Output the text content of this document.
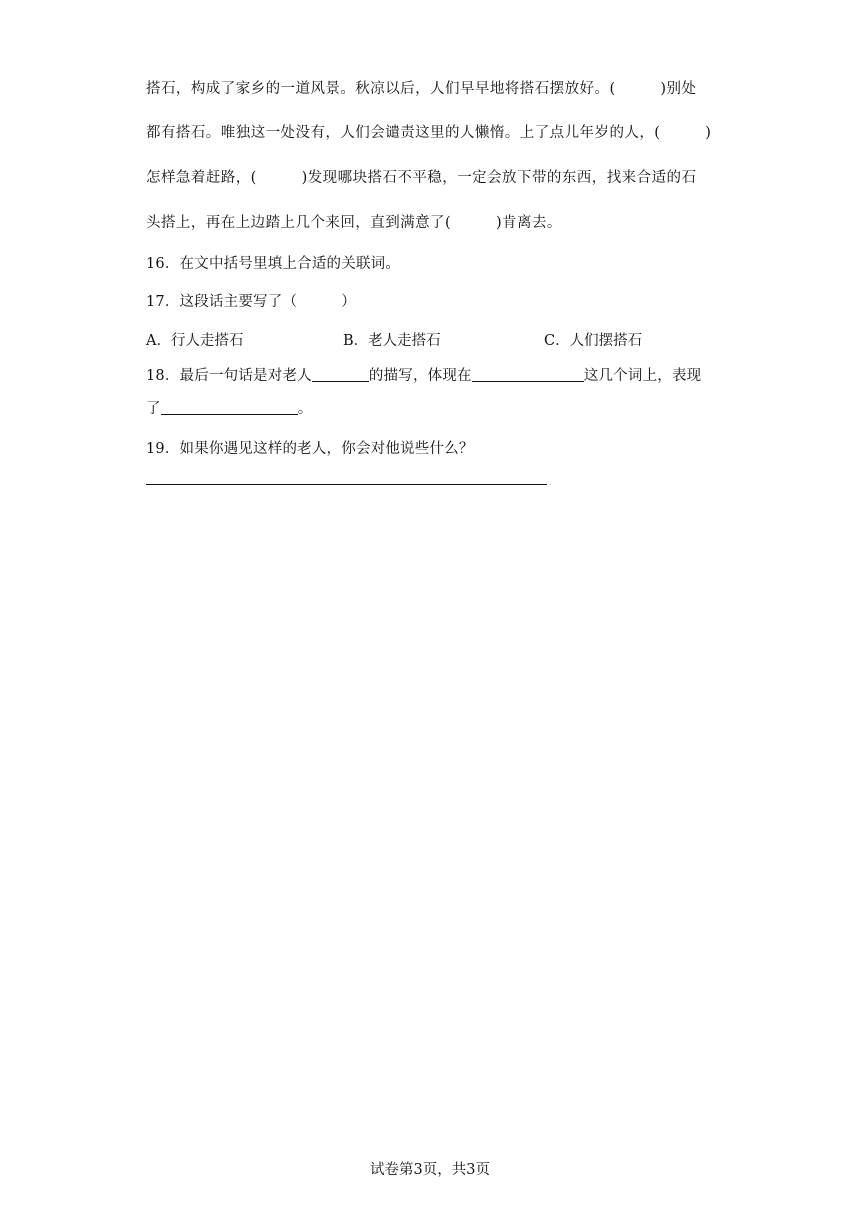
搭石，构成了家乡的一道风景。秋凉以后，人们早早地将搭石摆放好。(　　　)别处
都有搭石。唯独这一处没有，人们会谴责这里的人懒惰。上了点儿年岁的人，(　　　)
怎样急着赶路，(　　　)发现哪块搭石不平稳，一定会放下带的东西，找来合适的石
头搭上，再在上边踏上几个来回，直到满意了(　　　)肯离去。
16．在文中括号里填上合适的关联词。
17．这段话主要写了（　　　）
A．行人走搭石	B．老人走搭石	C．人们摆搭石
18．最后一句话是对老人	的描写，体现在	这几个词上，表现
了	。
19．如果你遇见这样的老人，你会对他说些什么？
试卷第3页，共3页
